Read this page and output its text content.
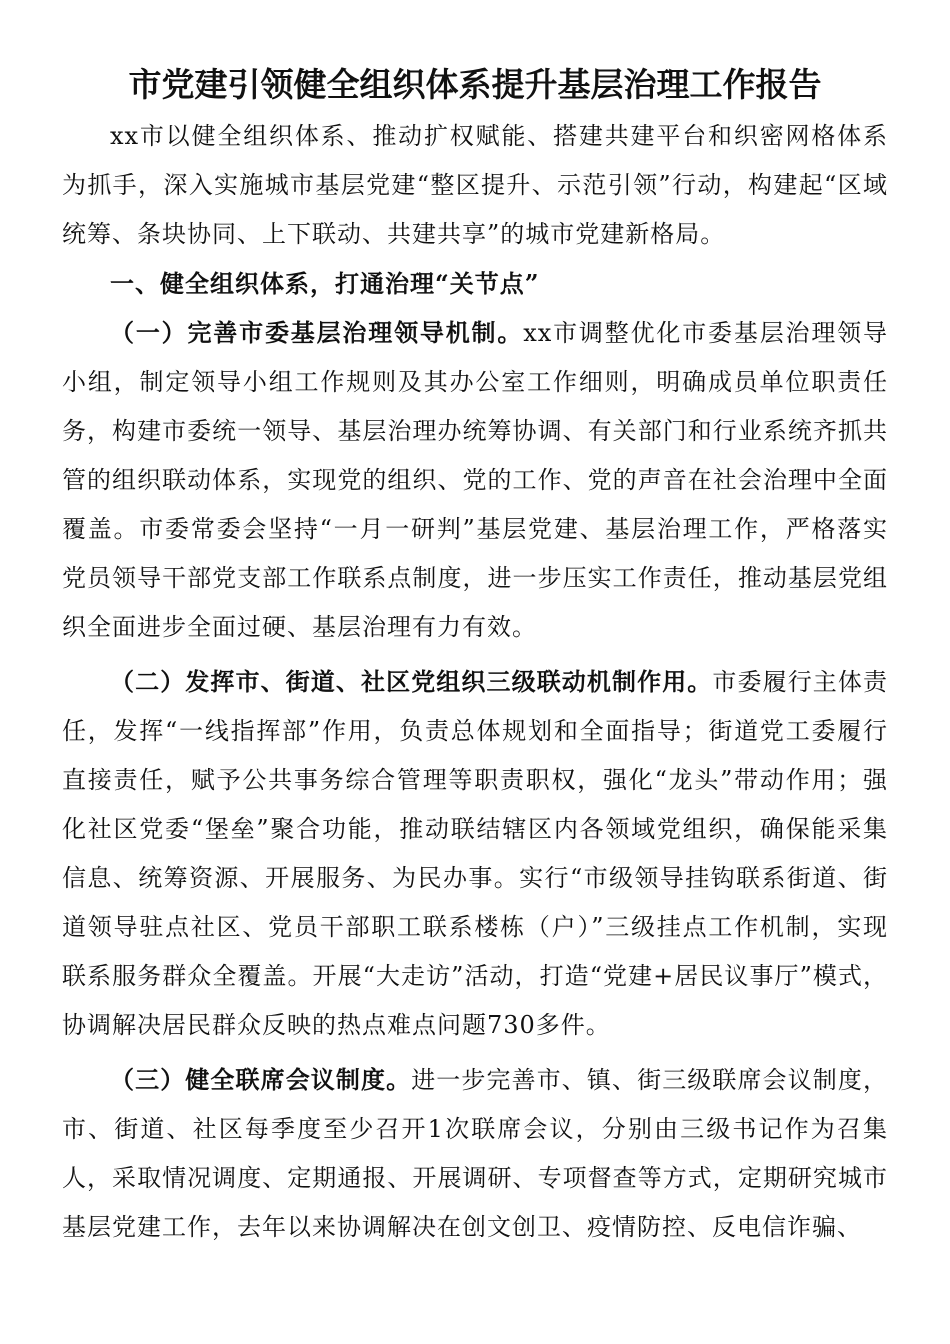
市党建引领健全组织体系提升基层治理工作报告

xx市以健全组织体系、推动扩权赋能、搭建共建平台和织密网格体系为抓手，深入实施城市基层党建“整区提升、示范引领”行动，构建起“区域统筹、条块协同、上下联动、共建共享”的城市党建新格局。

一、健全组织体系，打通治理“关节点”

（一）完善市委基层治理领导机制。xx市调整优化市委基层治理领导小组，制定领导小组工作规则及其办公室工作细则，明确成员单位职责任务，构建市委统一领导、基层治理办统筹协调、有关部门和行业系统齐抓共管的组织联动体系，实现党的组织、党的工作、党的声音在社会治理中全面覆盖。市委常委会坚持“一月一研判”基层党建、基层治理工作，严格落实党员领导干部党支部工作联系点制度，进一步压实工作责任，推动基层党组织全面进步全面过硬、基层治理有力有效。

（二）发挥市、街道、社区党组织三级联动机制作用。市委履行主体责任，发挥“一线指挥部”作用，负责总体规划和全面指导；街道党工委履行直接责任，赋予公共事务综合管理等职责职权，强化“龙头”带动作用；强化社区党委“堡垒”聚合功能，推动联结辖区内各领域党组织，确保能采集信息、统筹资源、开展服务、为民办事。实行“市级领导挂钩联系街道、街道领导驻点社区、党员干部职工联系楼栋（户）”三级挂点工作机制，实现联系服务群众全覆盖。开展“大走访”活动，打造“党建+居民议事厅”模式，协调解决居民群众反映的热点难点问题730多件。

（三）健全联席会议制度。进一步完善市、镇、街三级联席会议制度，市、街道、社区每季度至少召开1次联席会议，分别由三级书记作为召集人，采取情况调度、定期通报、开展调研、专项督查等方式，定期研究城市基层党建工作，去年以来协调解决在创文创卫、疫情防控、反电信诈骗、
